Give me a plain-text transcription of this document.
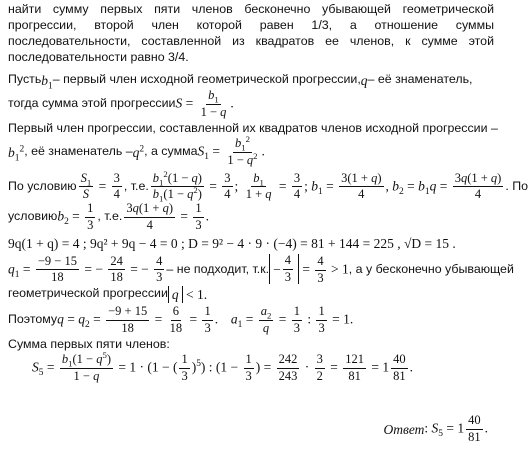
найти сумму первых пяти членов бесконечно убывающей геометрической прогрессии, второй член которой равен 1/3, а отношение суммы последовательности, составленной из квадратов ее членов, к сумме этой последовательности равно 3/4.

Пусть $b_1$ – первый член исходной геометрической прогрессии, q – её знаменатель,
тогда сумма этой прогрессии $S = \frac{b_1}{1 - q}$ .
Первый член прогрессии, составленной их квадратов членов исходной прогрессии –
$b_1^2$ , её знаменатель – $q^2$ , а сумма $S_1 = \frac{b_1^2}{1 - q^2}$ .
По условию $\frac{S_1}{S} = \frac{3}{4}$ , т.е. $\frac{b_1^2(1 - q)}{b_1(1 - q^2)} = \frac{3}{4}$ ; $\frac{b_1}{1 + q} = \frac{3}{4}$ ; $b_1 = \frac{3(1 + q)}{4}$ , $b_2 = b_1q = \frac{3q(1 + q)}{4}$ . По
условию $b_2 = \frac{1}{3}$ , т.е. $\frac{3q(1 + q)}{4} = \frac{1}{3}$ .
9q(1 + q) = 4 ; 9q² + 9q − 4 = 0 ; D = 9² − 4 · 9 · (−4) = 81 + 144 = 225 , √D = 15 .
$q_1 = \frac{-9 - 15}{18}$ = − $\frac{24}{18}$ = − $\frac{4}{3}$ – не подходит, т.к. − $\frac{4}{3} = \frac{4}{3} > 1$ , а у бесконечно убывающей
геометрической прогрессии q < 1.
Поэтому $q = q_2 = \frac{-9 + 15}{18} = \frac{6}{18} = \frac{1}{3}$ .  $a_1 = \frac{a_2}{q} = \frac{1}{3}$ : $\frac{1}{3} = 1$.
Сумма первых пяти членов:
$S_5 = \frac{b_1(1 - q^5)}{1 - q} = 1 \cdot (1$ − ( $\frac{1}{3} )^5$) : ($1 - \frac{1}{3}$ ) = $\frac{242}{243} \cdot \frac{3}{2} = \frac{121}{81} = 1 \frac{40}{81}$ .
Ответ : $S_5 = 1 \frac{40}{81}$ .
